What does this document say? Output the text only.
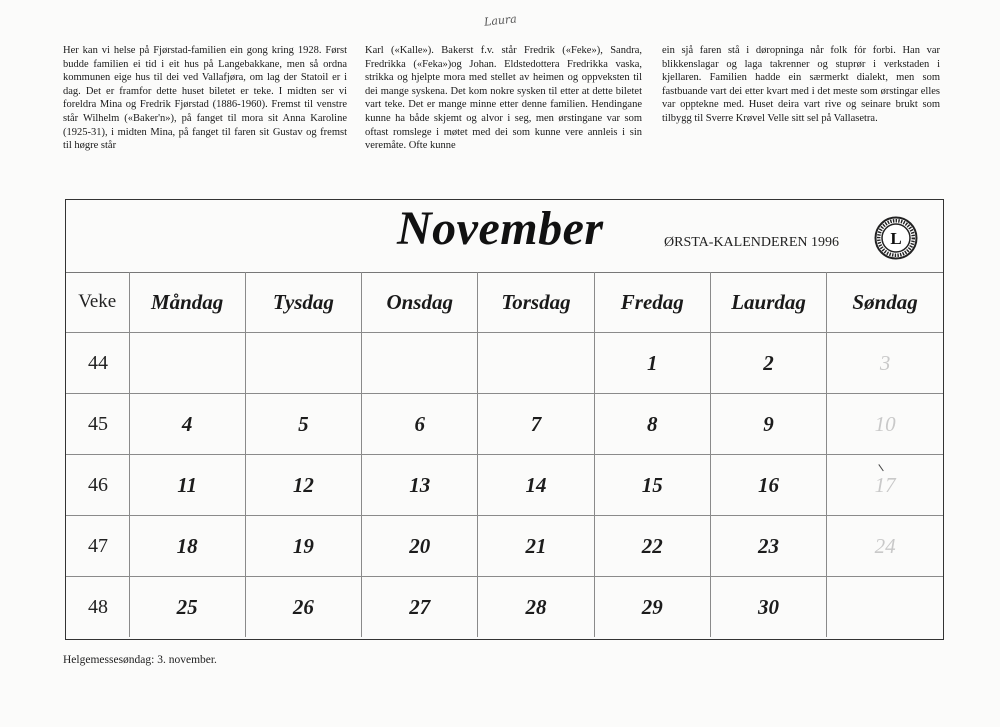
Laura

Her kan vi helse på Fjørstad-familien ein gong kring 1928. Først budde familien ei tid i eit hus på Langebakkane, men så ordna kommunen eige hus til dei ved Vallafjøra, om lag der Statoil er i dag. Det er framfor dette huset biletet er teke. I midten ser vi foreldra Mina og Fredrik Fjørstad (1886-1960). Fremst til venstre står Wilhelm («Baker'n»), på fanget til mora sit Anna Karoline (1925-31), i midten Mina, på fanget til faren sit Gustav og fremst til høgre står

Karl («Kalle»). Bakerst f.v. står Fredrik («Feke»), Sandra, Fredrikka («Feka»)og Johan. Eldstedottera Fredrikka vaska, strikka og hjelpte mora med stellet av heimen og oppveksten til dei mange syskena. Det kom nokre sysken til etter at dette biletet vart teke. Det er mange minne etter denne familien. Hendingane kunne ha både skjemt og alvor i seg, men ørstingane var som oftast romslege i møtet med dei som kunne vere annleis i sin veremåte. Ofte kunne

ein sjå faren stå i døropninga når folk fór forbi. Han var blikkenslagar og laga takrenner og stuprør i verkstaden i kjellaren. Familien hadde ein særmerkt dialekt, men som fastbuande vart dei etter kvart med i det meste som ørstingar elles var opptekne med. Huset deira vart rive og seinare brukt som tilbygg til Sverre Krøvel Velle sitt sel på Vallasetra.

November	ØRSTA-KALENDEREN 1996	L
Veke	Måndag	Tysdag	Onsdag	Torsdag	Fredag	Laurdag	Søndag
44					1	2	3
45	4	5	6	7	8	9	10
46	11	12	13	14	15	16	17
47	18	19	20	21	22	23	24
48	25	26	27	28	29	30	
Helgemessesøndag: 3. november.
